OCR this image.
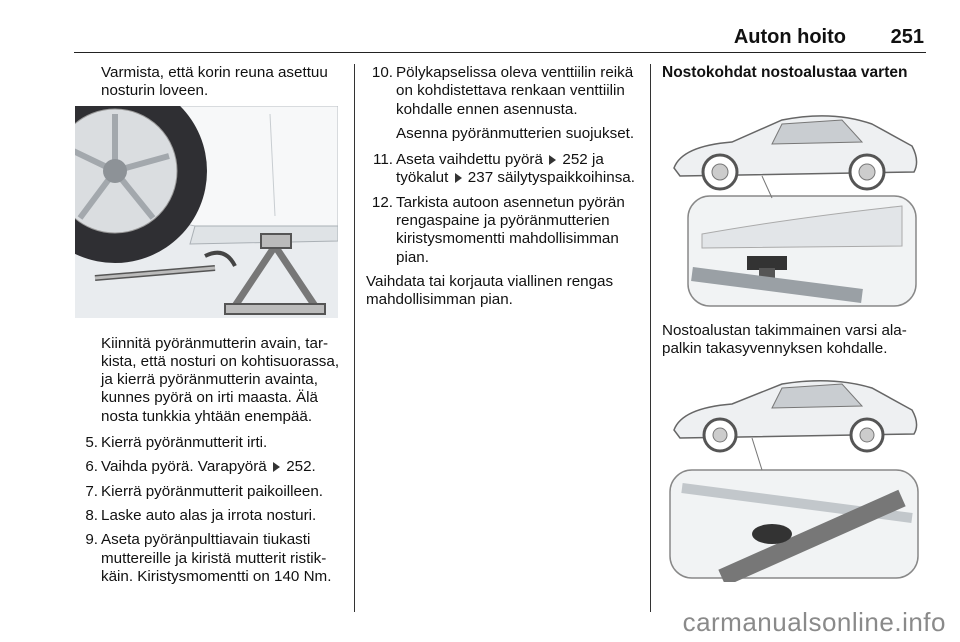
Auton hoito 251

Varmista, että korin reuna asettuu nosturin loveen.

Kiinnitä pyöränmutterin avain, tarkista, että nosturi on kohtisuorassa, ja kierrä pyöränmutterin avainta, kunnes pyörä on irti maasta. Älä nosta tunkkia yhtään enempää.

5. Kierrä pyöränmutterit irti.
6. Vaihda pyörä. Varapyörä  252.
7. Kierrä pyöränmutterit paikoilleen.
8. Laske auto alas ja irrota nosturi.
9. Aseta pyöränpulttiavain tiukasti muttereille ja kiristä mutterit ristikkäin. Kiristysmomentti on 140 Nm.
10. Pölykapselissa oleva venttiilin reikä on kohdistettava renkaan venttiilin kohdalle ennen asennusta.

Asenna pyöränmutterien suojukset.

11. Aseta vaihdettu pyörä  252 ja työkalut  237 säilytyspaikkoihinsa.
12. Tarkista autoon asennetun pyörän rengaspaine ja pyöränmutterien kiristysmomentti mahdollisimman pian.

Vaihdata tai korjauta viallinen rengas mahdollisimman pian.

Nostokohdat nostoalustaa varten

Nostoalustan takimmainen varsi alapalkin takasyvennyksen kohdalle.

carmanualsonline.info
